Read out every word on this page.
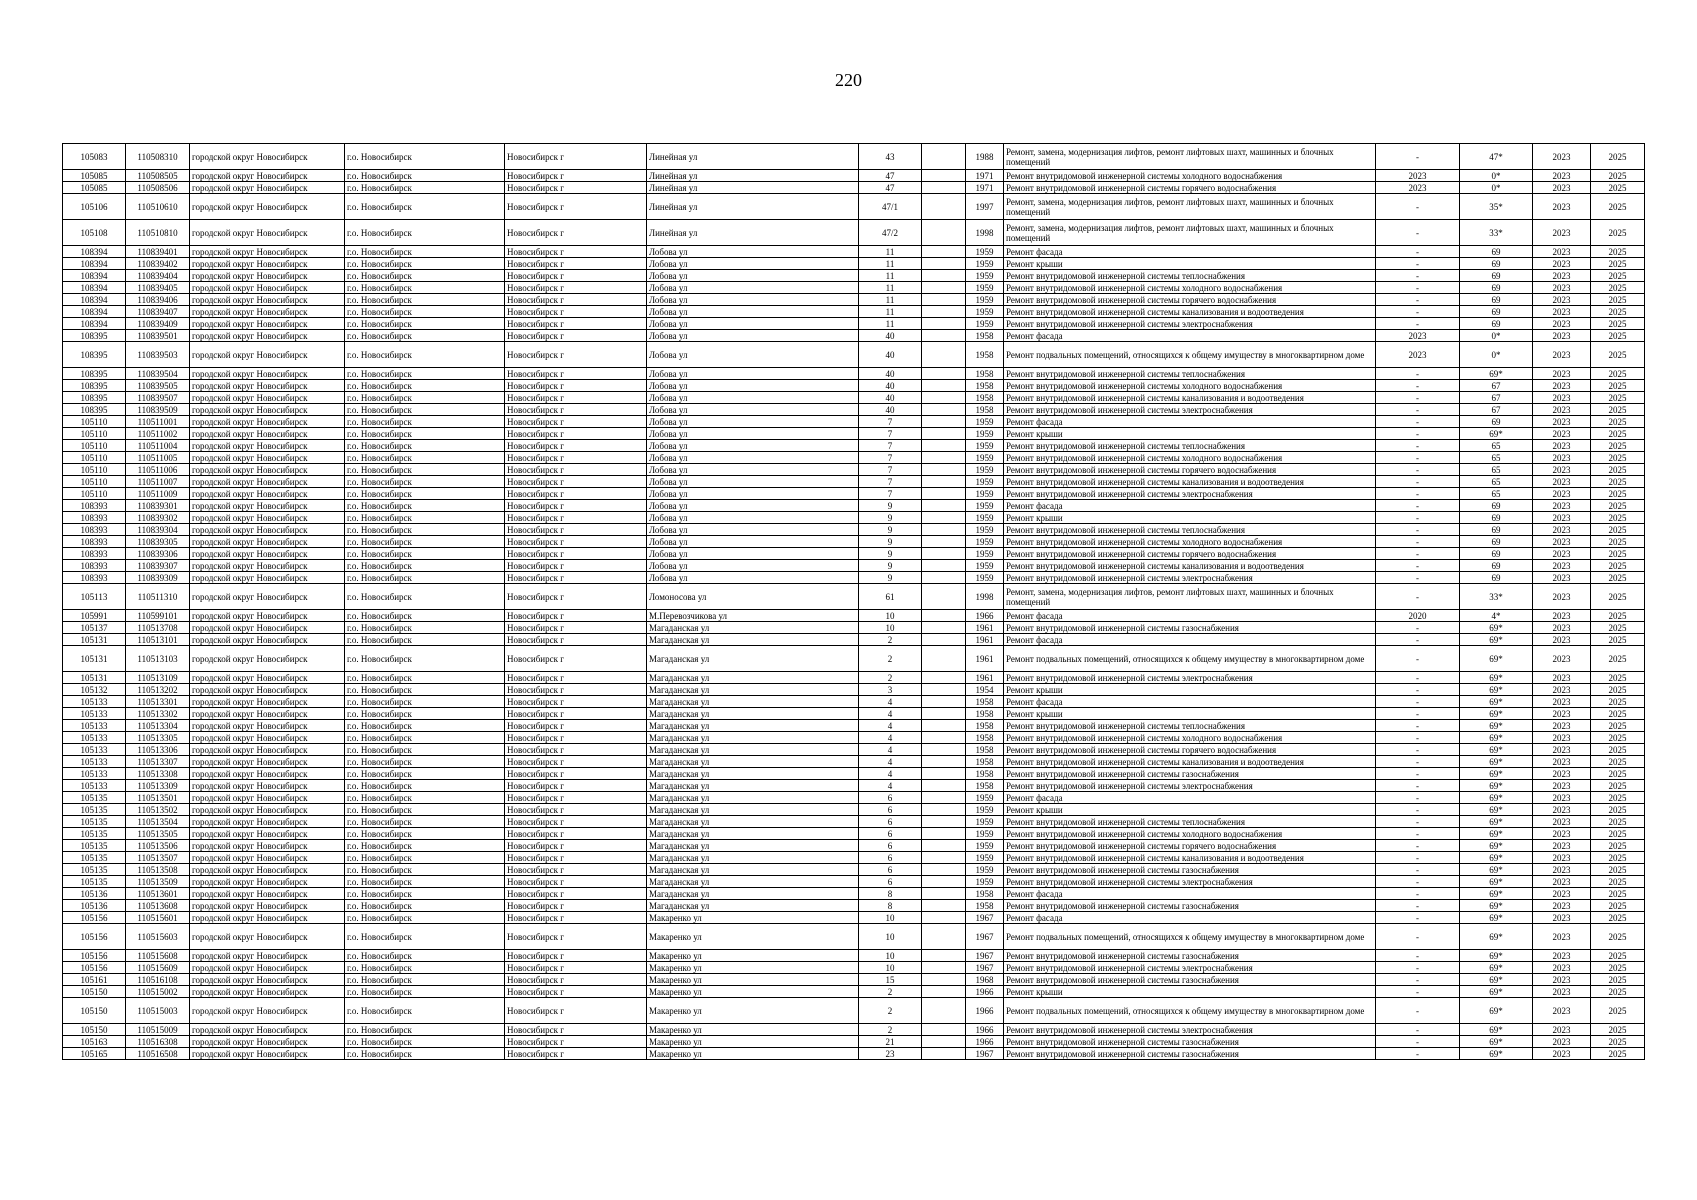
220
105083	110508310	городской округ Новосибирск	г.о. Новосибирск	Новосибирск г	Линейная ул	43		1988	Ремонт, замена, модернизация лифтов, ремонт лифтовых шахт, машинных и блочных помещений	-	47*	2023	2025
105085	110508505	городской округ Новосибирск	г.о. Новосибирск	Новосибирск г	Линейная ул	47		1971	Ремонт внутридомовой инженерной системы холодного водоснабжения	2023	0*	2023	2025
105085	110508506	городской округ Новосибирск	г.о. Новосибирск	Новосибирск г	Линейная ул	47		1971	Ремонт внутридомовой инженерной системы горячего водоснабжения	2023	0*	2023	2025
105106	110510610	городской округ Новосибирск	г.о. Новосибирск	Новосибирск г	Линейная ул	47/1		1997	Ремонт, замена, модернизация лифтов, ремонт лифтовых шахт, машинных и блочных помещений	-	35*	2023	2025
105108	110510810	городской округ Новосибирск	г.о. Новосибирск	Новосибирск г	Линейная ул	47/2		1998	Ремонт, замена, модернизация лифтов, ремонт лифтовых шахт, машинных и блочных помещений	-	33*	2023	2025
108394	110839401	городской округ Новосибирск	г.о. Новосибирск	Новосибирск г	Лобова ул	11		1959	Ремонт фасада	-	69	2023	2025
108394	110839402	городской округ Новосибирск	г.о. Новосибирск	Новосибирск г	Лобова ул	11		1959	Ремонт крыши	-	69	2023	2025
108394	110839404	городской округ Новосибирск	г.о. Новосибирск	Новосибирск г	Лобова ул	11		1959	Ремонт внутридомовой инженерной системы теплоснабжения	-	69	2023	2025
108394	110839405	городской округ Новосибирск	г.о. Новосибирск	Новосибирск г	Лобова ул	11		1959	Ремонт внутридомовой инженерной системы холодного водоснабжения	-	69	2023	2025
108394	110839406	городской округ Новосибирск	г.о. Новосибирск	Новосибирск г	Лобова ул	11		1959	Ремонт внутридомовой инженерной системы горячего водоснабжения	-	69	2023	2025
108394	110839407	городской округ Новосибирск	г.о. Новосибирск	Новосибирск г	Лобова ул	11		1959	Ремонт внутридомовой инженерной системы канализования и водоотведения	-	69	2023	2025
108394	110839409	городской округ Новосибирск	г.о. Новосибирск	Новосибирск г	Лобова ул	11		1959	Ремонт внутридомовой инженерной системы электроснабжения	-	69	2023	2025
108395	110839501	городской округ Новосибирск	г.о. Новосибирск	Новосибирск г	Лобова ул	40		1958	Ремонт фасада	2023	0*	2023	2025
108395	110839503	городской округ Новосибирск	г.о. Новосибирск	Новосибирск г	Лобова ул	40		1958	Ремонт подвальных помещений, относящихся к общему имуществу в многоквартирном доме	2023	0*	2023	2025
108395	110839504	городской округ Новосибирск	г.о. Новосибирск	Новосибирск г	Лобова ул	40		1958	Ремонт внутридомовой инженерной системы теплоснабжения	-	69*	2023	2025
108395	110839505	городской округ Новосибирск	г.о. Новосибирск	Новосибирск г	Лобова ул	40		1958	Ремонт внутридомовой инженерной системы холодного водоснабжения	-	67	2023	2025
108395	110839507	городской округ Новосибирск	г.о. Новосибирск	Новосибирск г	Лобова ул	40		1958	Ремонт внутридомовой инженерной системы канализования и водоотведения	-	67	2023	2025
108395	110839509	городской округ Новосибирск	г.о. Новосибирск	Новосибирск г	Лобова ул	40		1958	Ремонт внутридомовой инженерной системы электроснабжения	-	67	2023	2025
105110	110511001	городской округ Новосибирск	г.о. Новосибирск	Новосибирск г	Лобова ул	7		1959	Ремонт фасада	-	69	2023	2025
105110	110511002	городской округ Новосибирск	г.о. Новосибирск	Новосибирск г	Лобова ул	7		1959	Ремонт крыши	-	69*	2023	2025
105110	110511004	городской округ Новосибирск	г.о. Новосибирск	Новосибирск г	Лобова ул	7		1959	Ремонт внутридомовой инженерной системы теплоснабжения	-	65	2023	2025
105110	110511005	городской округ Новосибирск	г.о. Новосибирск	Новосибирск г	Лобова ул	7		1959	Ремонт внутридомовой инженерной системы холодного водоснабжения	-	65	2023	2025
105110	110511006	городской округ Новосибирск	г.о. Новосибирск	Новосибирск г	Лобова ул	7		1959	Ремонт внутридомовой инженерной системы горячего водоснабжения	-	65	2023	2025
105110	110511007	городской округ Новосибирск	г.о. Новосибирск	Новосибирск г	Лобова ул	7		1959	Ремонт внутридомовой инженерной системы канализования и водоотведения	-	65	2023	2025
105110	110511009	городской округ Новосибирск	г.о. Новосибирск	Новосибирск г	Лобова ул	7		1959	Ремонт внутридомовой инженерной системы электроснабжения	-	65	2023	2025
108393	110839301	городской округ Новосибирск	г.о. Новосибирск	Новосибирск г	Лобова ул	9		1959	Ремонт фасада	-	69	2023	2025
108393	110839302	городской округ Новосибирск	г.о. Новосибирск	Новосибирск г	Лобова ул	9		1959	Ремонт крыши	-	69	2023	2025
108393	110839304	городской округ Новосибирск	г.о. Новосибирск	Новосибирск г	Лобова ул	9		1959	Ремонт внутридомовой инженерной системы теплоснабжения	-	69	2023	2025
108393	110839305	городской округ Новосибирск	г.о. Новосибирск	Новосибирск г	Лобова ул	9		1959	Ремонт внутридомовой инженерной системы холодного водоснабжения	-	69	2023	2025
108393	110839306	городской округ Новосибирск	г.о. Новосибирск	Новосибирск г	Лобова ул	9		1959	Ремонт внутридомовой инженерной системы горячего водоснабжения	-	69	2023	2025
108393	110839307	городской округ Новосибирск	г.о. Новосибирск	Новосибирск г	Лобова ул	9		1959	Ремонт внутридомовой инженерной системы канализования и водоотведения	-	69	2023	2025
108393	110839309	городской округ Новосибирск	г.о. Новосибирск	Новосибирск г	Лобова ул	9		1959	Ремонт внутридомовой инженерной системы электроснабжения	-	69	2023	2025
105113	110511310	городской округ Новосибирск	г.о. Новосибирск	Новосибирск г	Ломоносова ул	61		1998	Ремонт, замена, модернизация лифтов, ремонт лифтовых шахт, машинных и блочных помещений	-	33*	2023	2025
105991	110599101	городской округ Новосибирск	г.о. Новосибирск	Новосибирск г	М.Перевозчикова ул	10		1966	Ремонт фасада	2020	4*	2023	2025
105137	110513708	городской округ Новосибирск	г.о. Новосибирск	Новосибирск г	Магаданская ул	10		1961	Ремонт внутридомовой инженерной системы газоснабжения	-	69*	2023	2025
105131	110513101	городской округ Новосибирск	г.о. Новосибирск	Новосибирск г	Магаданская ул	2		1961	Ремонт фасада	-	69*	2023	2025
105131	110513103	городской округ Новосибирск	г.о. Новосибирск	Новосибирск г	Магаданская ул	2		1961	Ремонт подвальных помещений, относящихся к общему имуществу в многоквартирном доме	-	69*	2023	2025
105131	110513109	городской округ Новосибирск	г.о. Новосибирск	Новосибирск г	Магаданская ул	2		1961	Ремонт внутридомовой инженерной системы электроснабжения	-	69*	2023	2025
105132	110513202	городской округ Новосибирск	г.о. Новосибирск	Новосибирск г	Магаданская ул	3		1954	Ремонт крыши	-	69*	2023	2025
105133	110513301	городской округ Новосибирск	г.о. Новосибирск	Новосибирск г	Магаданская ул	4		1958	Ремонт фасада	-	69*	2023	2025
105133	110513302	городской округ Новосибирск	г.о. Новосибирск	Новосибирск г	Магаданская ул	4		1958	Ремонт крыши	-	69*	2023	2025
105133	110513304	городской округ Новосибирск	г.о. Новосибирск	Новосибирск г	Магаданская ул	4		1958	Ремонт внутридомовой инженерной системы теплоснабжения	-	69*	2023	2025
105133	110513305	городской округ Новосибирск	г.о. Новосибирск	Новосибирск г	Магаданская ул	4		1958	Ремонт внутридомовой инженерной системы холодного водоснабжения	-	69*	2023	2025
105133	110513306	городской округ Новосибирск	г.о. Новосибирск	Новосибирск г	Магаданская ул	4		1958	Ремонт внутридомовой инженерной системы горячего водоснабжения	-	69*	2023	2025
105133	110513307	городской округ Новосибирск	г.о. Новосибирск	Новосибирск г	Магаданская ул	4		1958	Ремонт внутридомовой инженерной системы канализования и водоотведения	-	69*	2023	2025
105133	110513308	городской округ Новосибирск	г.о. Новосибирск	Новосибирск г	Магаданская ул	4		1958	Ремонт внутридомовой инженерной системы газоснабжения	-	69*	2023	2025
105133	110513309	городской округ Новосибирск	г.о. Новосибирск	Новосибирск г	Магаданская ул	4		1958	Ремонт внутридомовой инженерной системы электроснабжения	-	69*	2023	2025
105135	110513501	городской округ Новосибирск	г.о. Новосибирск	Новосибирск г	Магаданская ул	6		1959	Ремонт фасада	-	69*	2023	2025
105135	110513502	городской округ Новосибирск	г.о. Новосибирск	Новосибирск г	Магаданская ул	6		1959	Ремонт крыши	-	69*	2023	2025
105135	110513504	городской округ Новосибирск	г.о. Новосибирск	Новосибирск г	Магаданская ул	6		1959	Ремонт внутридомовой инженерной системы теплоснабжения	-	69*	2023	2025
105135	110513505	городской округ Новосибирск	г.о. Новосибирск	Новосибирск г	Магаданская ул	6		1959	Ремонт внутридомовой инженерной системы холодного водоснабжения	-	69*	2023	2025
105135	110513506	городской округ Новосибирск	г.о. Новосибирск	Новосибирск г	Магаданская ул	6		1959	Ремонт внутридомовой инженерной системы горячего водоснабжения	-	69*	2023	2025
105135	110513507	городской округ Новосибирск	г.о. Новосибирск	Новосибирск г	Магаданская ул	6		1959	Ремонт внутридомовой инженерной системы канализования и водоотведения	-	69*	2023	2025
105135	110513508	городской округ Новосибирск	г.о. Новосибирск	Новосибирск г	Магаданская ул	6		1959	Ремонт внутридомовой инженерной системы газоснабжения	-	69*	2023	2025
105135	110513509	городской округ Новосибирск	г.о. Новосибирск	Новосибирск г	Магаданская ул	6		1959	Ремонт внутридомовой инженерной системы электроснабжения	-	69*	2023	2025
105136	110513601	городской округ Новосибирск	г.о. Новосибирск	Новосибирск г	Магаданская ул	8		1958	Ремонт фасада	-	69*	2023	2025
105136	110513608	городской округ Новосибирск	г.о. Новосибирск	Новосибирск г	Магаданская ул	8		1958	Ремонт внутридомовой инженерной системы газоснабжения	-	69*	2023	2025
105156	110515601	городской округ Новосибирск	г.о. Новосибирск	Новосибирск г	Макаренко ул	10		1967	Ремонт фасада	-	69*	2023	2025
105156	110515603	городской округ Новосибирск	г.о. Новосибирск	Новосибирск г	Макаренко ул	10		1967	Ремонт подвальных помещений, относящихся к общему имуществу в многоквартирном доме	-	69*	2023	2025
105156	110515608	городской округ Новосибирск	г.о. Новосибирск	Новосибирск г	Макаренко ул	10		1967	Ремонт внутридомовой инженерной системы газоснабжения	-	69*	2023	2025
105156	110515609	городской округ Новосибирск	г.о. Новосибирск	Новосибирск г	Макаренко ул	10		1967	Ремонт внутридомовой инженерной системы электроснабжения	-	69*	2023	2025
105161	110516108	городской округ Новосибирск	г.о. Новосибирск	Новосибирск г	Макаренко ул	15		1968	Ремонт внутридомовой инженерной системы газоснабжения	-	69*	2023	2025
105150	110515002	городской округ Новосибирск	г.о. Новосибирск	Новосибирск г	Макаренко ул	2		1966	Ремонт крыши	-	69*	2023	2025
105150	110515003	городской округ Новосибирск	г.о. Новосибирск	Новосибирск г	Макаренко ул	2		1966	Ремонт подвальных помещений, относящихся к общему имуществу в многоквартирном доме	-	69*	2023	2025
105150	110515009	городской округ Новосибирск	г.о. Новосибирск	Новосибирск г	Макаренко ул	2		1966	Ремонт внутридомовой инженерной системы электроснабжения	-	69*	2023	2025
105163	110516308	городской округ Новосибирск	г.о. Новосибирск	Новосибирск г	Макаренко ул	21		1966	Ремонт внутридомовой инженерной системы газоснабжения	-	69*	2023	2025
105165	110516508	городской округ Новосибирск	г.о. Новосибирск	Новосибирск г	Макаренко ул	23		1967	Ремонт внутридомовой инженерной системы газоснабжения	-	69*	2023	2025
